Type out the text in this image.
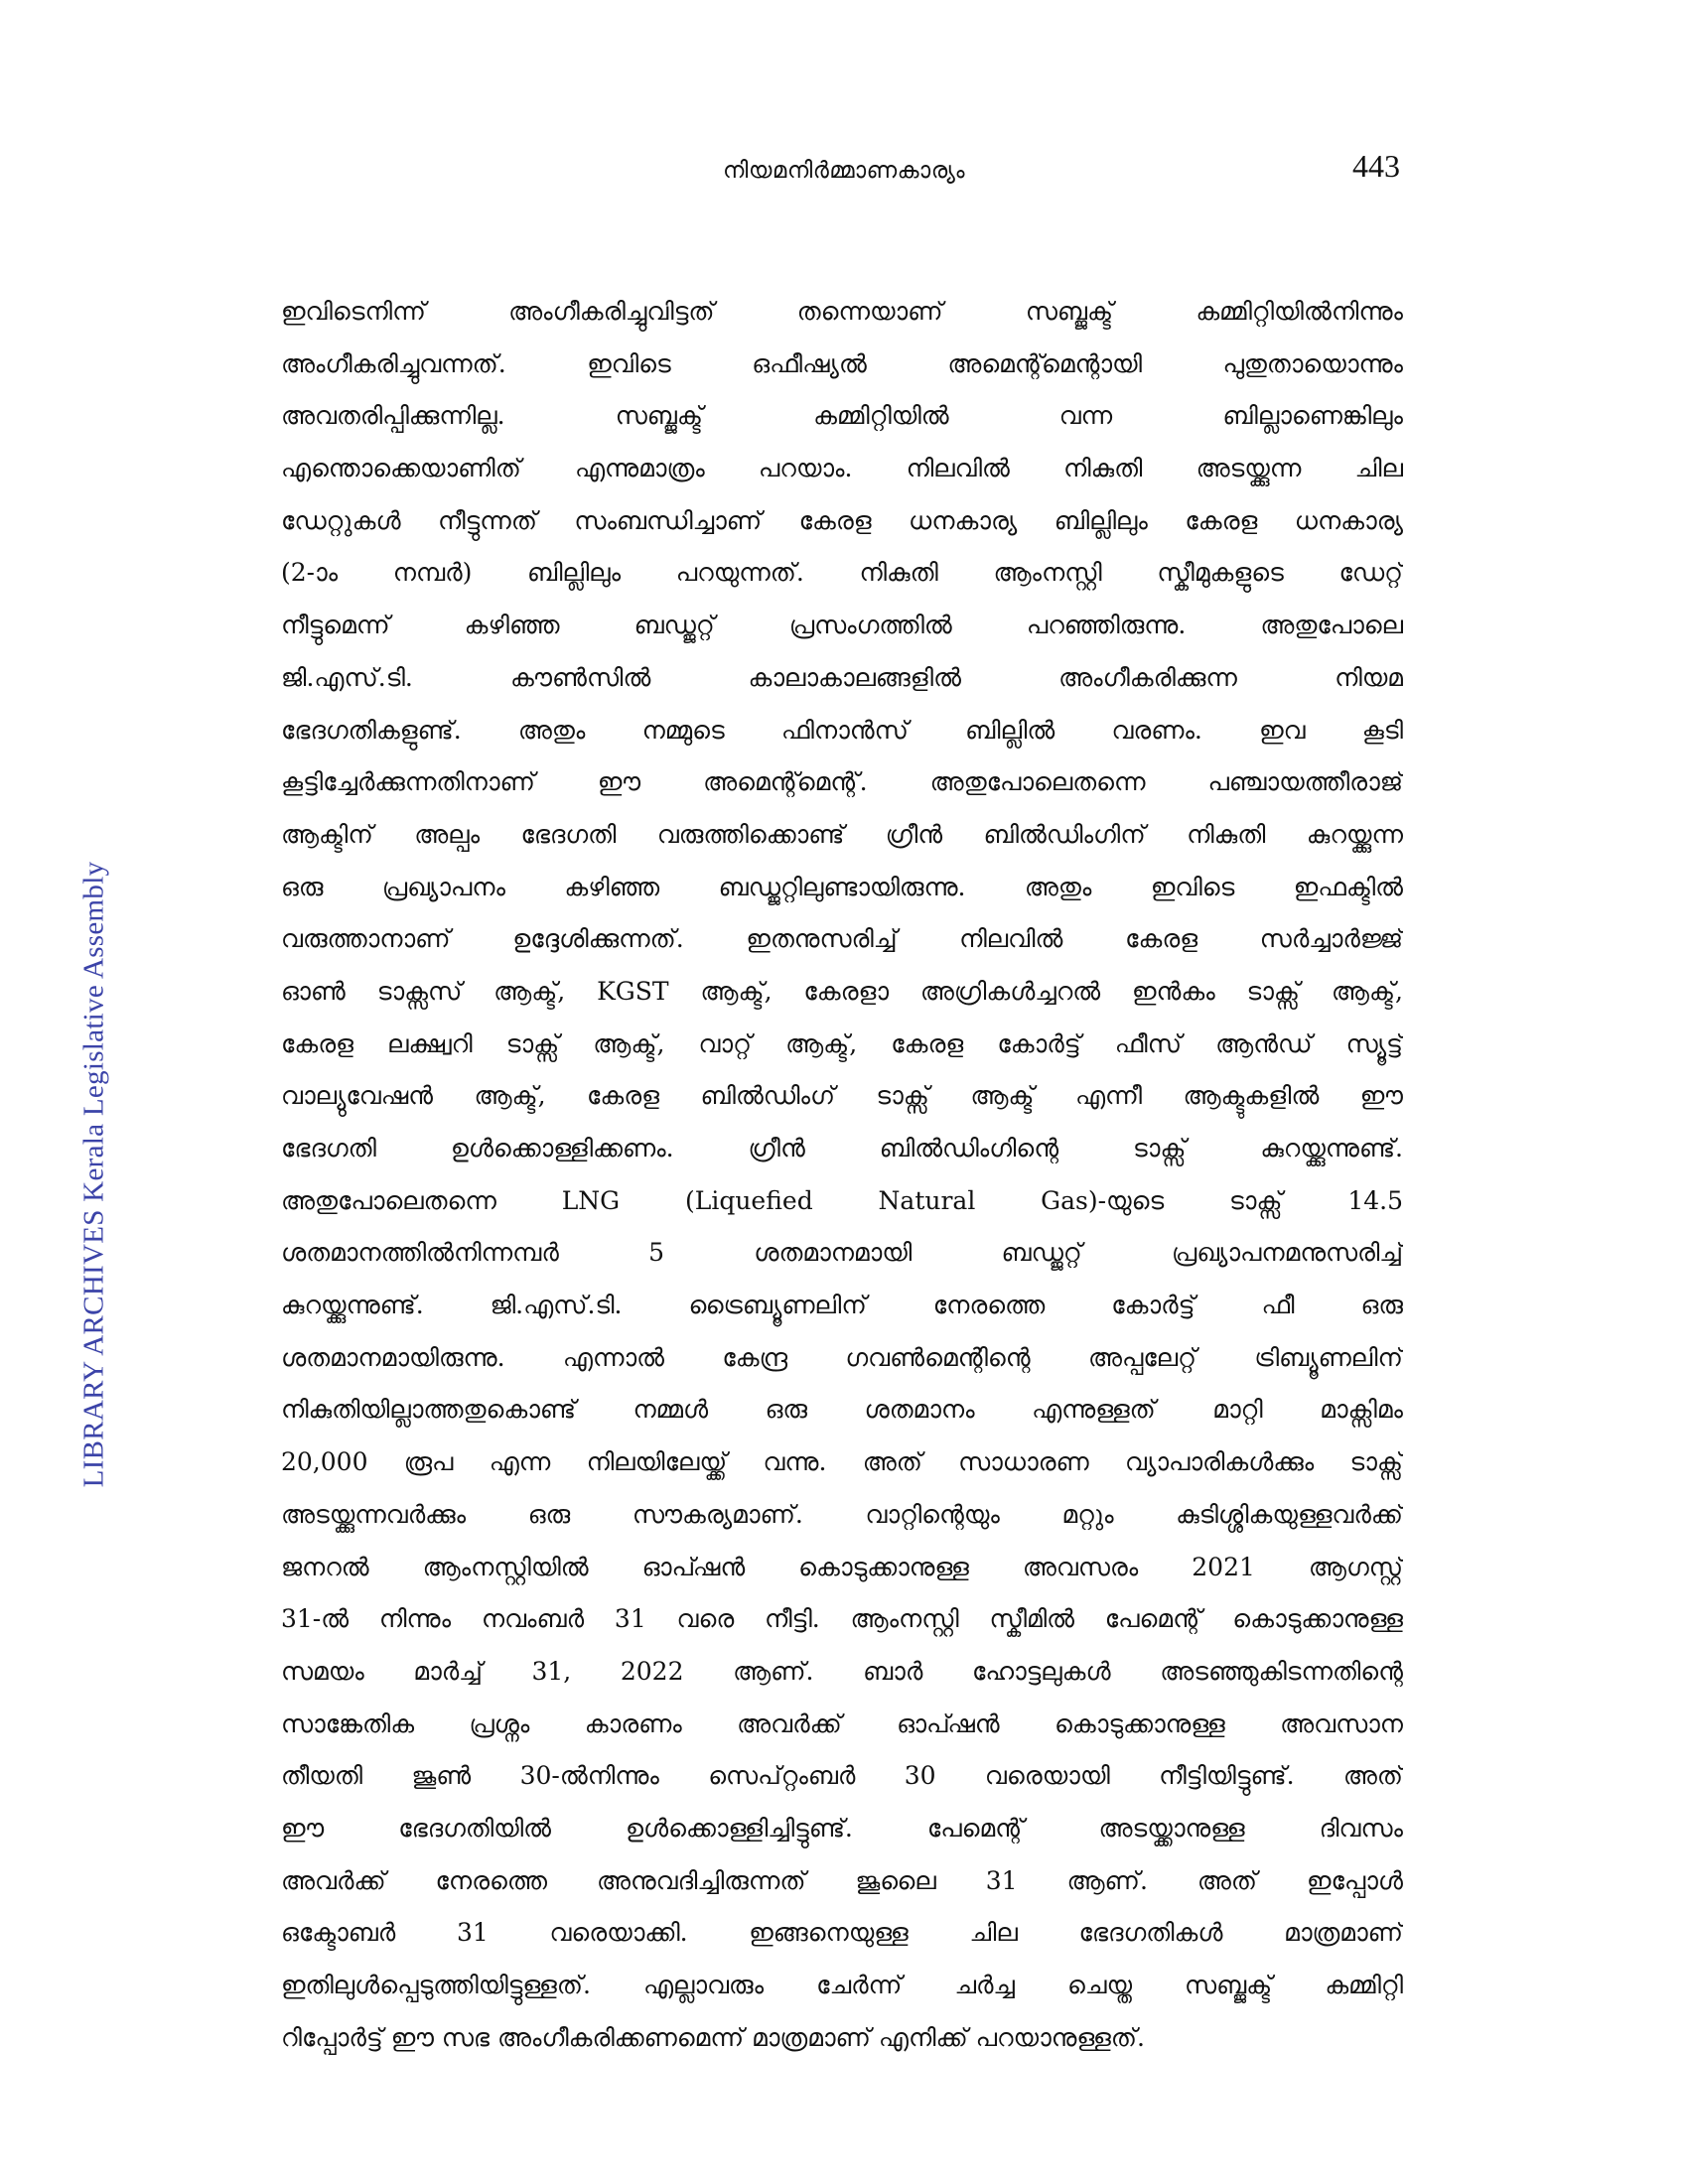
നിയമനിർമ്മാണകാര്യം	443
LIBRARY ARCHIVES Kerala Legislative Assembly
ഇവിടെനിന്ന് അംഗീകരിച്ചുവിട്ടത് തന്നെയാണ് സബ്ജക്ട് കമ്മിറ്റിയിൽനിന്നും
അംഗീകരിച്ചുവന്നത്. ഇവിടെ ഒഫീഷ്യൽ അമെന്റ്മെന്റായി പുതുതായൊന്നും
അവതരിപ്പിക്കുന്നില്ല. സബ്ജക്ട് കമ്മിറ്റിയിൽ വന്ന ബില്ലാണെങ്കിലും
എന്തൊക്കെയാണിത് എന്നുമാത്രം പറയാം. നിലവിൽ നികുതി അടയ്ക്കുന്ന ചില
ഡേറ്റുകൾ നീട്ടുന്നത് സംബന്ധിച്ചാണ് കേരള ധനകാര്യ ബില്ലിലും കേരള ധനകാര്യ
(2-ാം നമ്പർ) ബില്ലിലും പറയുന്നത്. നികുതി ആംനസ്റ്റി സ്കീമുകളുടെ ഡേറ്റ്
നീട്ടുമെന്ന് കഴിഞ്ഞ ബഡ്ജറ്റ് പ്രസംഗത്തിൽ പറഞ്ഞിരുന്നു. അതുപോലെ
ജി.എസ്.ടി. കൗൺസിൽ കാലാകാലങ്ങളിൽ അംഗീകരിക്കുന്ന നിയമ
ഭേദഗതികളുണ്ട്. അതും നമ്മുടെ ഫിനാൻസ് ബില്ലിൽ വരണം. ഇവ കൂടി
കൂട്ടിച്ചേർക്കുന്നതിനാണ് ഈ അമെന്റ്മെന്റ്. അതുപോലെതന്നെ പഞ്ചായത്തീരാജ്
ആക്ടിന് അല്പം ഭേദഗതി വരുത്തിക്കൊണ്ട് ഗ്രീൻ ബിൽഡിംഗിന് നികുതി കുറയ്ക്കുന്ന
ഒരു പ്രഖ്യാപനം കഴിഞ്ഞ ബഡ്ജറ്റിലുണ്ടായിരുന്നു. അതും ഇവിടെ ഇഫക്ടിൽ
വരുത്താനാണ് ഉദ്ദേശിക്കുന്നത്. ഇതനുസരിച്ച് നിലവിൽ കേരള സർച്ചാർജ്ജ്
ഓൺ ടാക്സസ് ആക്ട്, KGST ആക്ട്, കേരളാ അഗ്രികൾച്ചറൽ ഇൻകം ടാക്സ് ആക്ട്,
കേരള ലക്ഷ്വറി ടാക്സ് ആക്ട്, വാറ്റ് ആക്ട്, കേരള കോർട്ട് ഫീസ് ആൻഡ് സ്യൂട്ട്
വാല്യുവേഷൻ ആക്ട്, കേരള ബിൽഡിംഗ് ടാക്സ് ആക്ട് എന്നീ ആക്ടുകളിൽ ഈ
ഭേദഗതി ഉൾക്കൊള്ളിക്കണം. ഗ്രീൻ ബിൽഡിംഗിന്റെ ടാക്സ് കുറയ്ക്കുന്നുണ്ട്.
അതുപോലെതന്നെ LNG (Liquefied Natural Gas)-യുടെ ടാക്സ് 14.5
ശതമാനത്തിൽനിന്നമ്പർ 5 ശതമാനമായി ബഡ്ജറ്റ് പ്രഖ്യാപനമനുസരിച്ച്
കുറയ്ക്കുന്നുണ്ട്. ജി.എസ്.ടി. ട്രൈബ്യൂണലിന് നേരത്തെ കോർട്ട് ഫീ ഒരു
ശതമാനമായിരുന്നു. എന്നാൽ കേന്ദ്ര ഗവൺമെന്റിന്റെ അപ്പലേറ്റ് ട്രിബ്യൂണലിന്
നികുതിയില്ലാത്തതുകൊണ്ട് നമ്മൾ ഒരു ശതമാനം എന്നുള്ളത് മാറ്റി മാക്സിമം
20,000 രൂപ എന്ന നിലയിലേയ്ക്ക് വന്നു. അത് സാധാരണ വ്യാപാരികൾക്കും ടാക്സ്
അടയ്ക്കുന്നവർക്കും ഒരു സൗകര്യമാണ്. വാറ്റിന്റെയും മറ്റും കുടിശ്ശികയുള്ളവർക്ക്
ജനറൽ ആംനസ്റ്റിയിൽ ഓപ്ഷൻ കൊടുക്കാനുള്ള അവസരം 2021 ആഗസ്റ്റ്
31-ൽ നിന്നും നവംബർ 31 വരെ നീട്ടി. ആംനസ്റ്റി സ്കീമിൽ പേമെന്റ് കൊടുക്കാനുള്ള
സമയം മാർച്ച് 31, 2022 ആണ്. ബാർ ഹോട്ടലുകൾ അടഞ്ഞുകിടന്നതിന്റെ
സാങ്കേതിക പ്രശ്നം കാരണം അവർക്ക് ഓപ്ഷൻ കൊടുക്കാനുള്ള അവസാന
തീയതി ജൂൺ 30-ൽനിന്നും സെപ്റ്റംബർ 30 വരെയായി നീട്ടിയിട്ടുണ്ട്. അത്
ഈ ഭേദഗതിയിൽ ഉൾക്കൊള്ളിച്ചിട്ടുണ്ട്. പേമെന്റ് അടയ്ക്കാനുള്ള ദിവസം
അവർക്ക് നേരത്തെ അനുവദിച്ചിരുന്നത് ജൂലൈ 31 ആണ്. അത് ഇപ്പോൾ
ഒക്ടോബർ 31 വരെയാക്കി. ഇങ്ങനെയുള്ള ചില ഭേദഗതികൾ മാത്രമാണ്
ഇതിലുൾപ്പെടുത്തിയിട്ടുള്ളത്. എല്ലാവരും ചേർന്ന് ചർച്ച ചെയ്ത സബ്ജക്ട് കമ്മിറ്റി
റിപ്പോർട്ട് ഈ സഭ അംഗീകരിക്കണമെന്ന് മാത്രമാണ് എനിക്ക് പറയാനുള്ളത്.
